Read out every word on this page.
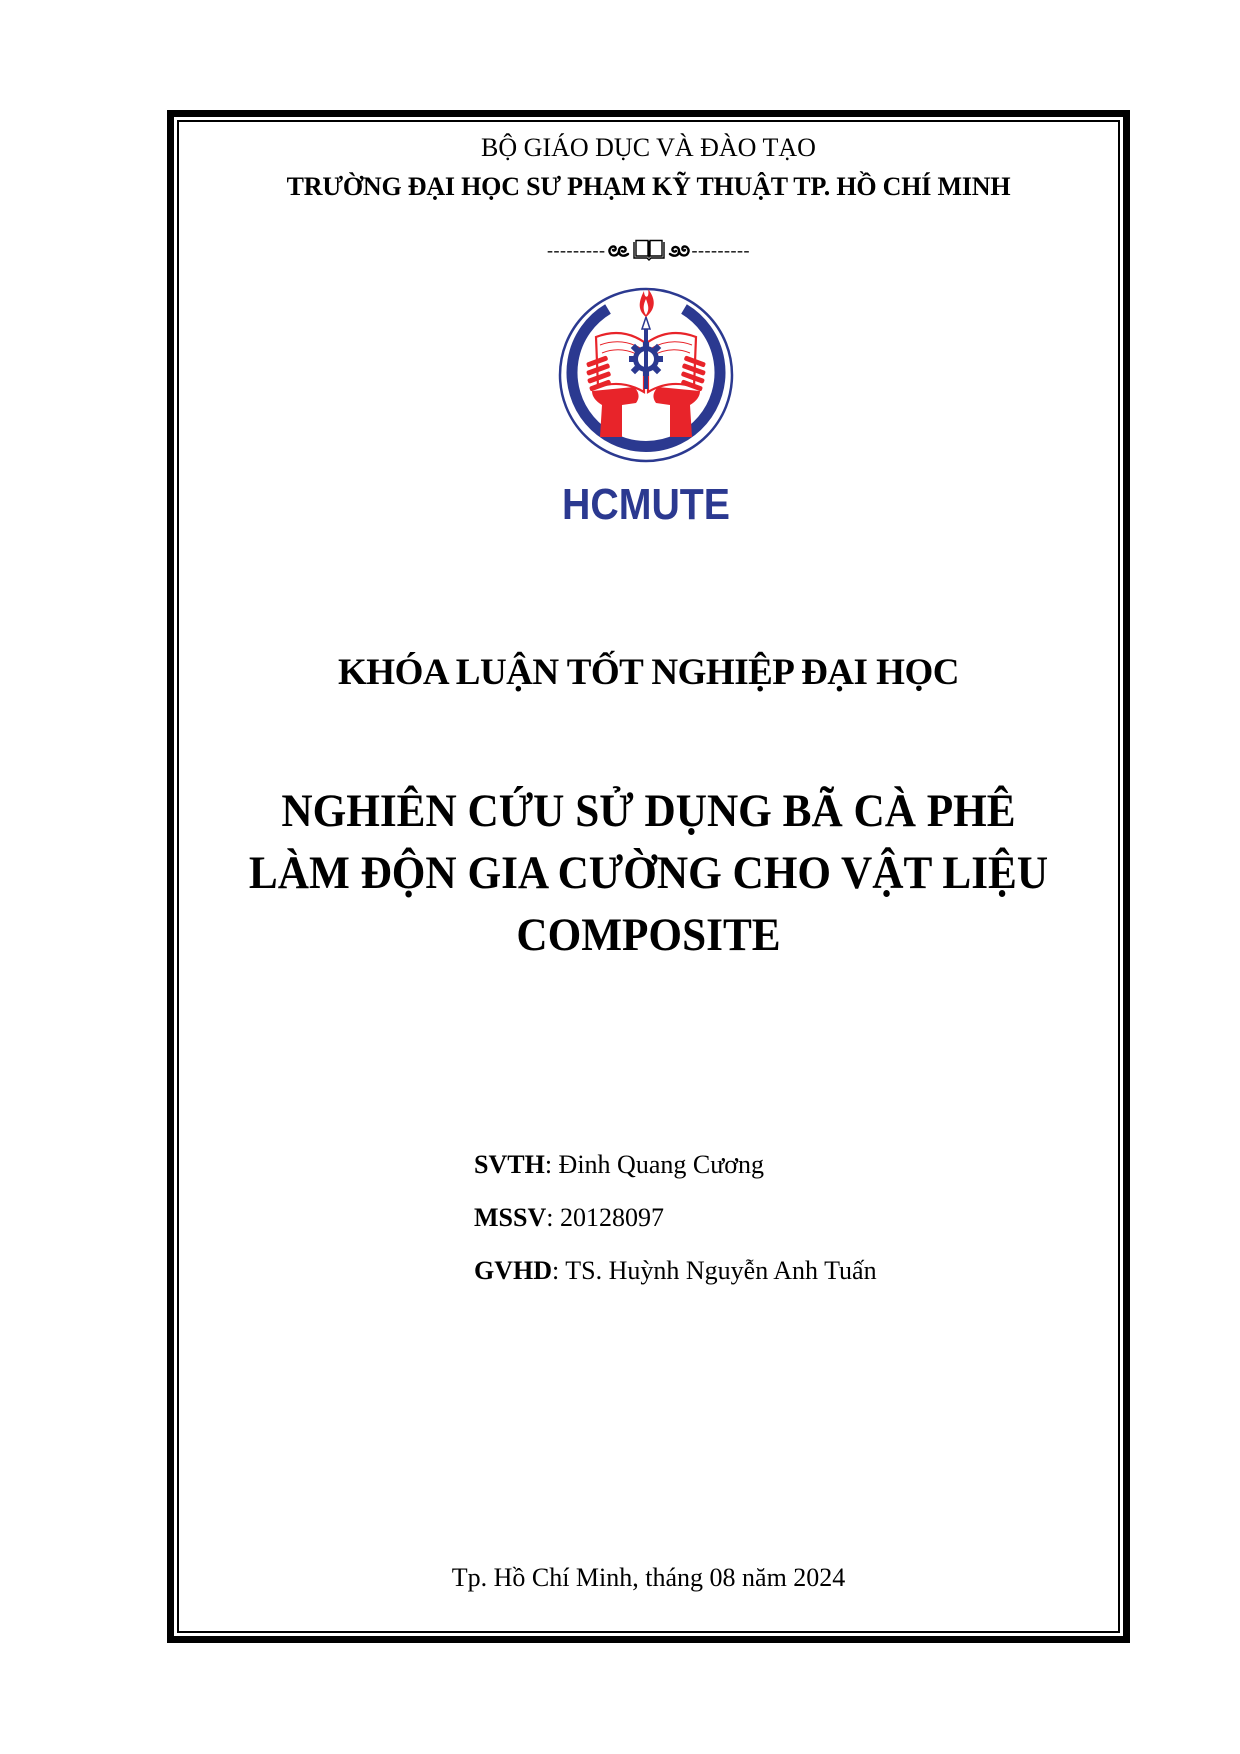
BỘ GIÁO DỤC VÀ ĐÀO TẠO
TRƯỜNG ĐẠI HỌC SƯ PHẠM KỸ THUẬT TP. HỒ CHÍ MINH
---------	---------
HCMUTE
KHÓA LUẬN TỐT NGHIỆP ĐẠI HỌC
NGHIÊN CỨU SỬ DỤNG BÃ CÀ PHÊ
LÀM ĐỘN GIA CƯỜNG CHO VẬT LIỆU
COMPOSITE
SVTH: Đinh Quang Cương
MSSV: 20128097
GVHD: TS. Huỳnh Nguyễn Anh Tuấn
Tp. Hồ Chí Minh, tháng 08 năm 2024
